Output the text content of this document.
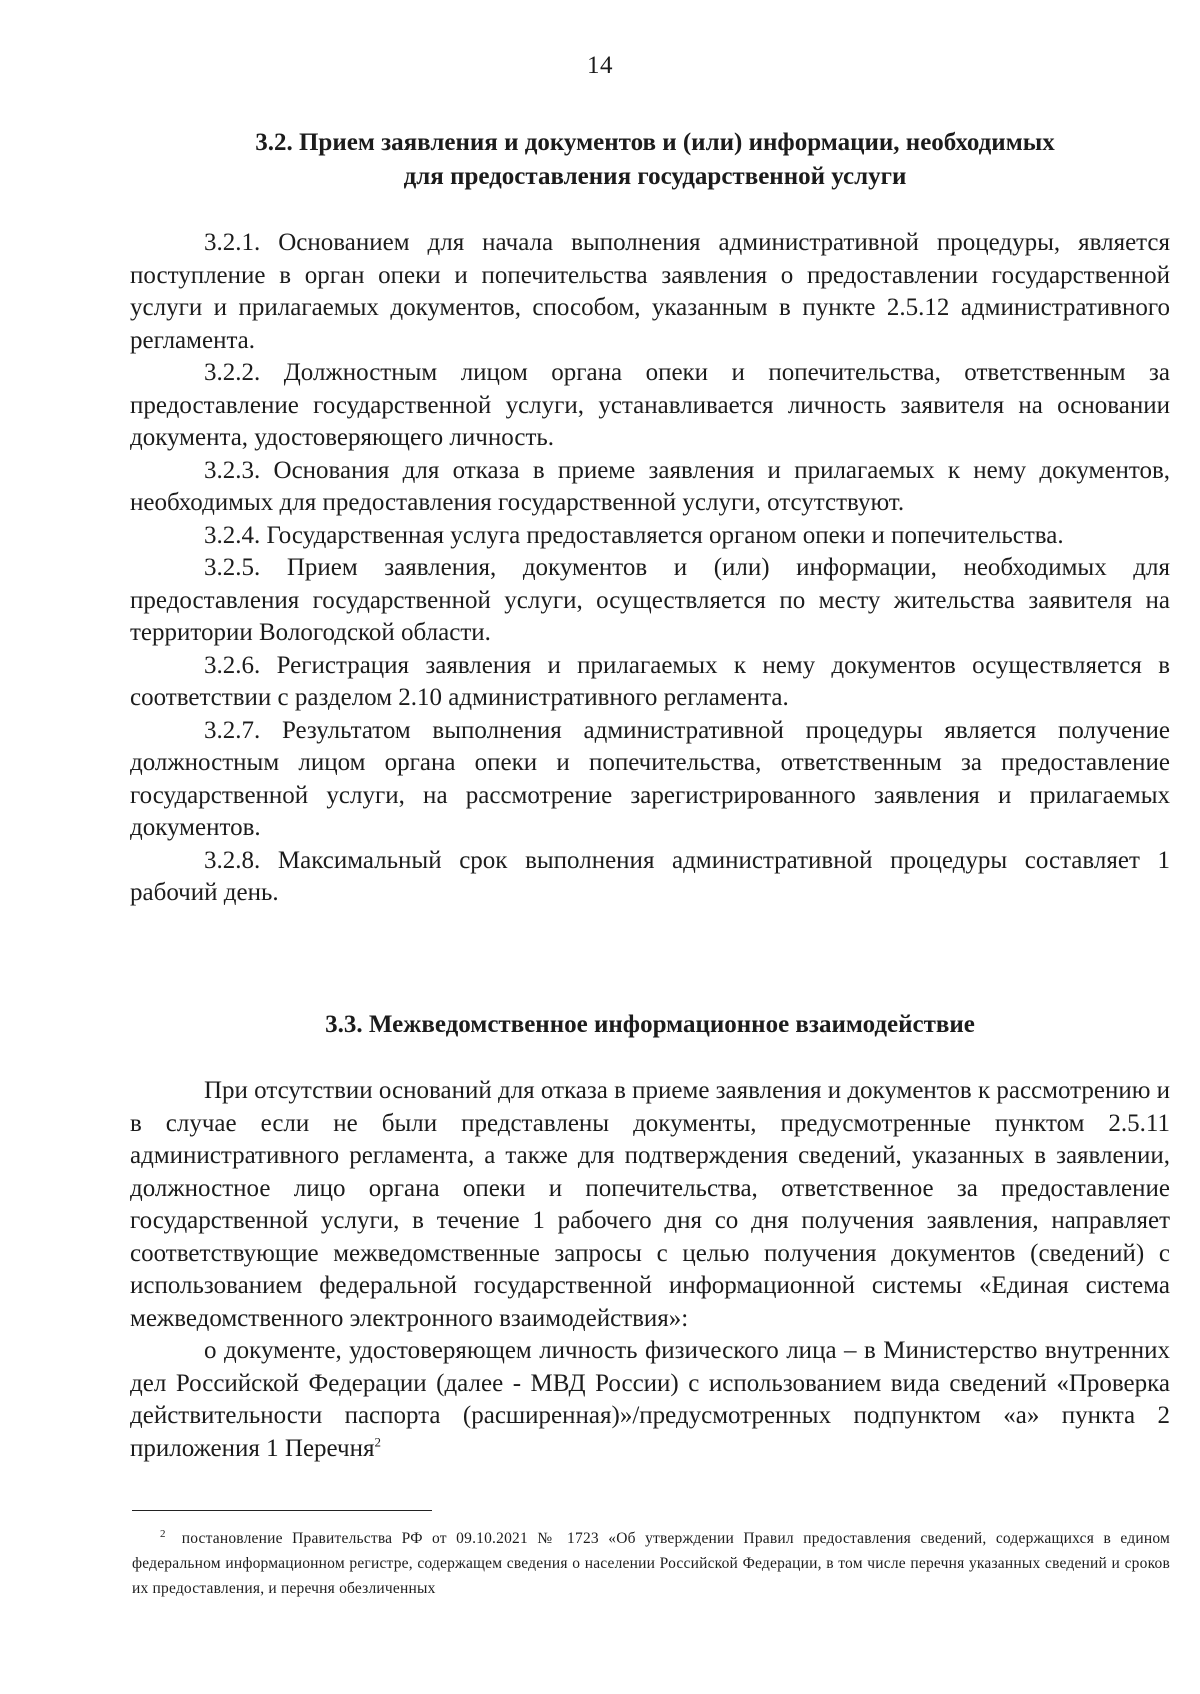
14

3.2. Прием заявления и документов и (или) информации, необходимых
для предоставления государственной услуги

3.2.1. Основанием для начала выполнения административной процедуры, является поступление в орган опеки и попечительства заявления о предоставлении государственной услуги и прилагаемых документов, способом, указанным в пункте 2.5.12 административного регламента.

3.2.2. Должностным лицом органа опеки и попечительства, ответственным за предоставление государственной услуги, устанавливается личность заявителя на основании документа, удостоверяющего личность.

3.2.3. Основания для отказа в приеме заявления и прилагаемых к нему документов, необходимых для предоставления государственной услуги, отсутствуют.

3.2.4. Государственная услуга предоставляется органом опеки и попечительства.

3.2.5. Прием заявления, документов и (или) информации, необходимых для предоставления государственной услуги, осуществляется по месту жительства заявителя на территории Вологодской области.

3.2.6. Регистрация заявления и прилагаемых к нему документов осуществляется в соответствии с разделом 2.10 административного регламента.

3.2.7. Результатом выполнения административной процедуры является получение должностным лицом органа опеки и попечительства, ответственным за предоставление государственной услуги, на рассмотрение зарегистрированного заявления и прилагаемых документов.

3.2.8. Максимальный срок выполнения административной процедуры составляет 1 рабочий день.

3.3. Межведомственное информационное взаимодействие

При отсутствии оснований для отказа в приеме заявления и документов к рассмотрению и в случае если не были представлены документы, предусмотренные пунктом 2.5.11 административного регламента, а также для подтверждения сведений, указанных в заявлении, должностное лицо органа опеки и попечительства, ответственное за предоставление государственной услуги, в течение 1 рабочего дня со дня получения заявления, направляет соответствующие межведомственные запросы с целью получения документов (сведений) с использованием федеральной государственной информационной системы «Единая система межведомственного электронного взаимодействия»:

о документе, удостоверяющем личность физического лица – в Министерство внутренних дел Российской Федерации (далее - МВД России) с использованием вида сведений «Проверка действительности паспорта (расширенная)»/предусмотренных подпунктом «а» пункта 2 приложения 1 Перечня$^2$

$^2$ постановление Правительства РФ от 09.10.2021 № 1723 «Об утверждении Правил предоставления сведений, содержащихся в едином федеральном информационном регистре, содержащем сведения о населении Российской Федерации, в том числе перечня указанных сведений и сроков их предоставления, и перечня обезличенных
